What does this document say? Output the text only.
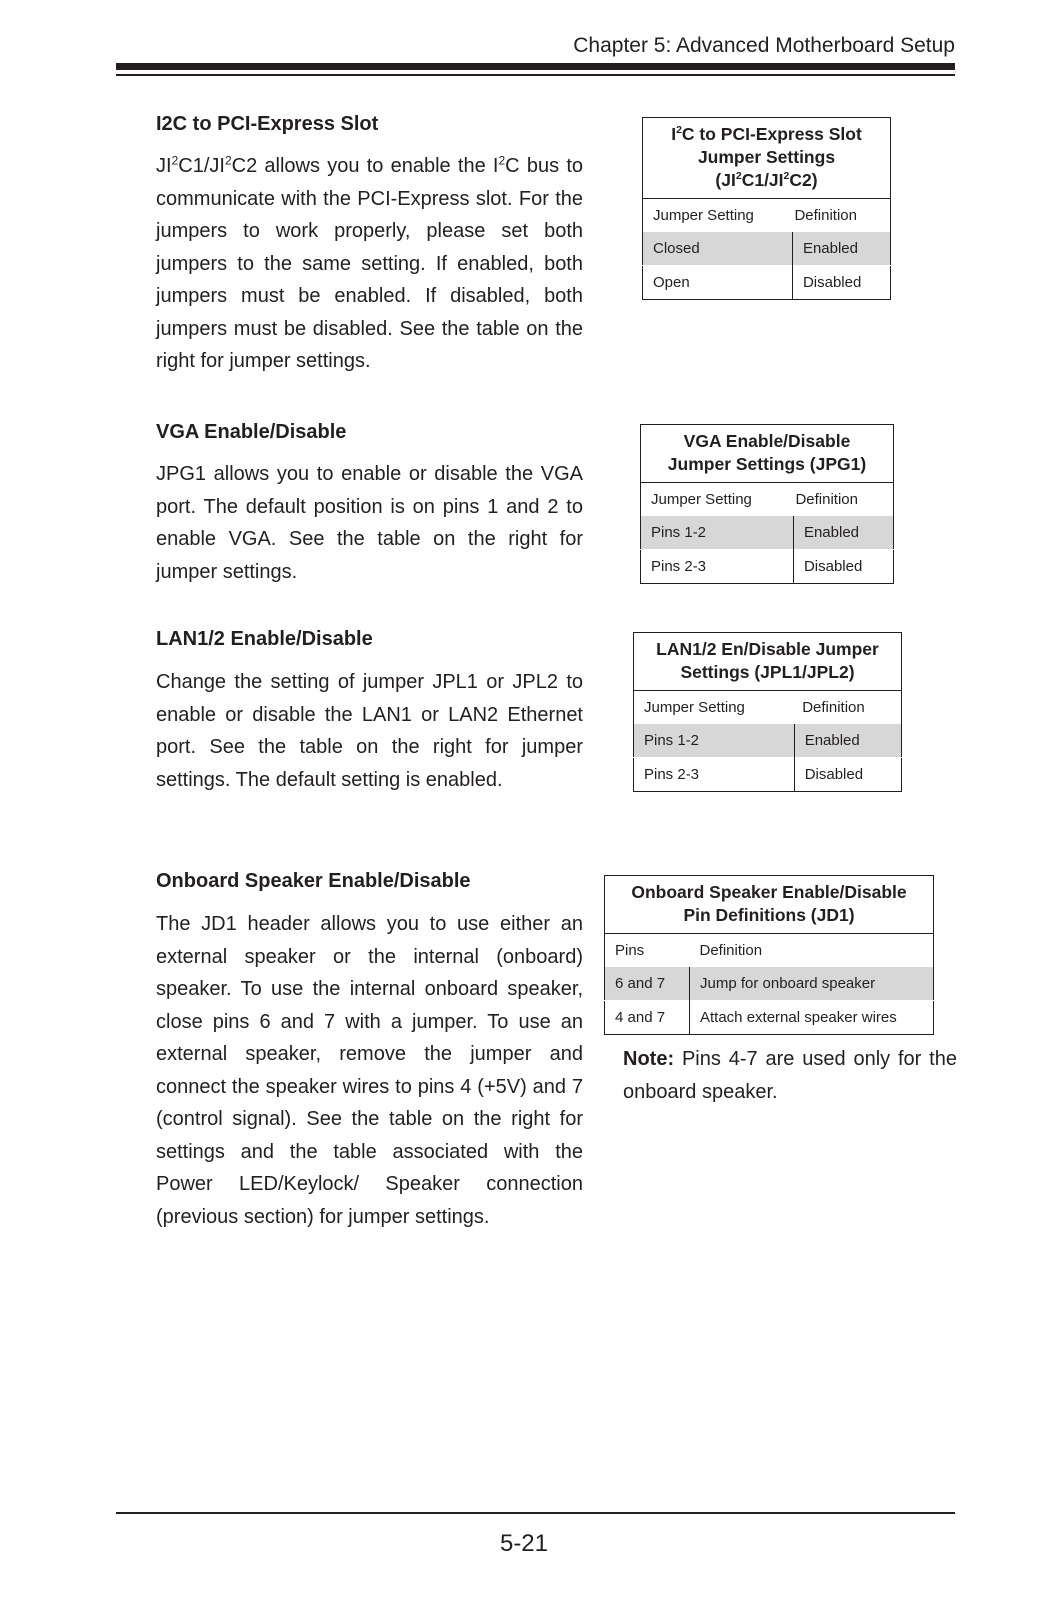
Chapter 5: Advanced Motherboard Setup
I2C to PCI-Express Slot

$JI^2C1/JI^2C2$ allows you to enable the $I^2C$ bus to communicate with the PCI-Express slot. For the jumpers to work properly, please set both jumpers to the same setting. If enabled, both jumpers must be enabled. If disabled, both jumpers must be disabled. See the table on the right for jumper settings.

$I^2C$ to PCI-Express Slot Jumper Settings $(JI^2C1/JI^2C2)$	
Jumper Setting	Definition
Closed	Enabled
Open	Disabled
VGA Enable/Disable

JPG1 allows you to enable or disable the VGA port. The default position is on pins 1 and 2 to enable VGA. See the table on the right for jumper settings.

VGA Enable/Disable
Jumper Settings (JPG1)	
Jumper Setting	Definition
Pins 1-2	Enabled
Pins 2-3	Disabled
LAN1/2 Enable/Disable

Change the setting of jumper JPL1 or JPL2 to enable or disable the LAN1 or LAN2 Ethernet port. See the table on the right for jumper settings. The default setting is enabled.

LAN1/2 En/Disable Jumper
Settings (JPL1/JPL2)	
Jumper Setting	Definition
Pins 1-2	Enabled
Pins 2-3	Disabled
Onboard Speaker Enable/Disable

The JD1 header allows you to use either an external speaker or the internal (onboard) speaker. To use the internal onboard speaker, close pins 6 and 7 with a jumper. To use an external speaker, remove the jumper and connect the speaker wires to pins 4 (+5V) and 7 (control signal). See the table on the right for settings and the table associated with the Power LED/Keylock/ Speaker connection (previous section) for jumper settings.

Onboard Speaker Enable/Disable
Pin Definitions (JD1)	
Pins	Definition
6 and 7	Jump for onboard speaker
4 and 7	Attach external speaker wires

Note: Pins 4-7 are used only for the onboard speaker.

5-21
